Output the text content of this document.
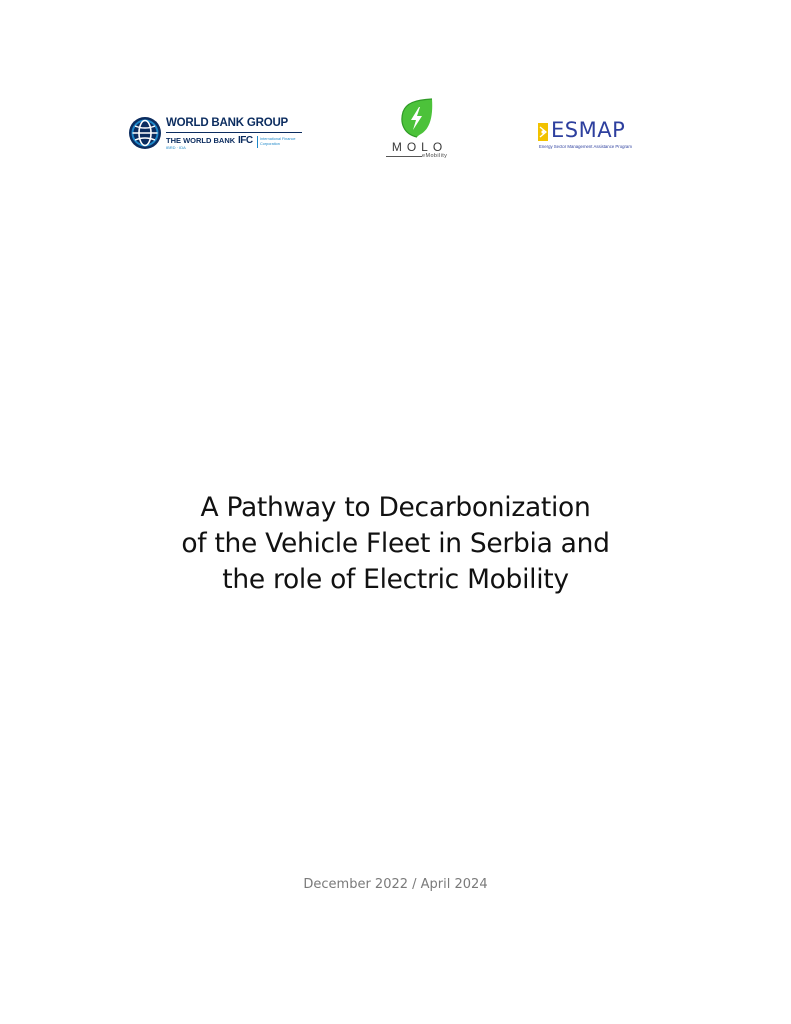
WORLD BANK GROUP
THE WORLD BANK
IBRD · IDA
IFC International Finance Corporation	MOLO
eMobility
ESMAP
Energy Sector Management Assistance Program
A Pathway to Decarbonization
of the Vehicle Fleet in Serbia and
the role of Electric Mobility
December 2022 / April 2024
